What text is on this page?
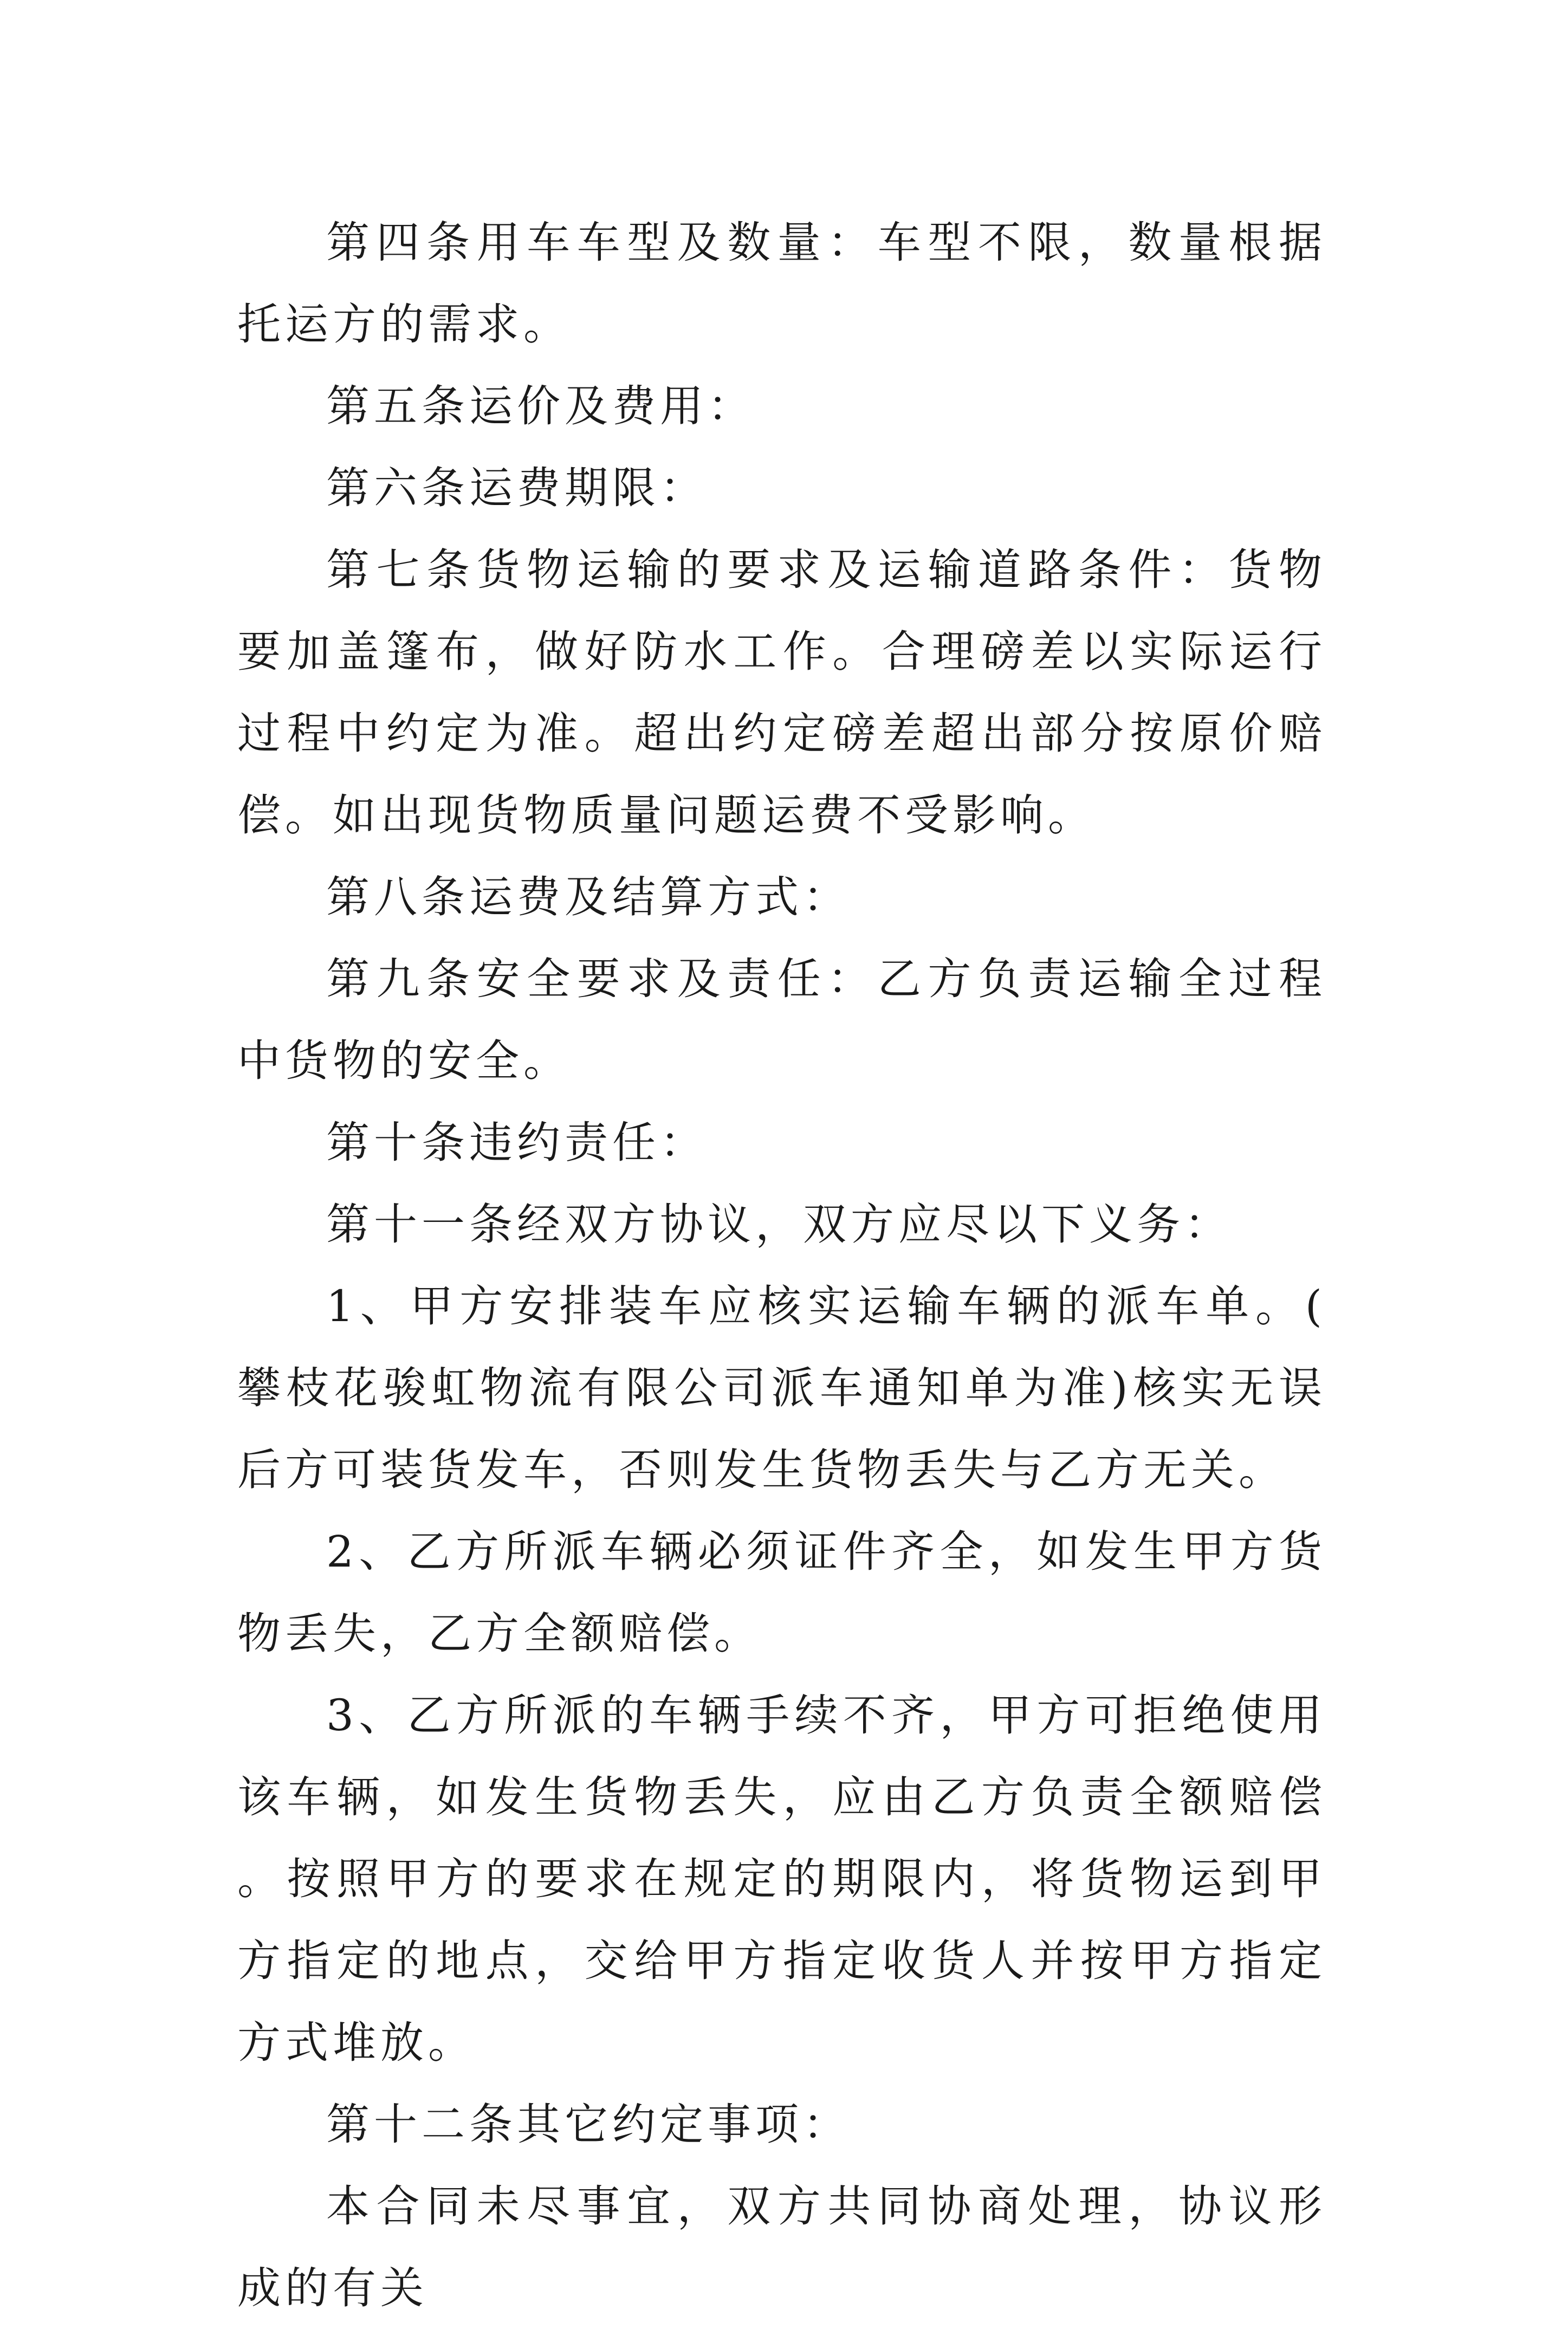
第四条用车车型及数量：车型不限，数量根据托运方的需求。

第五条运价及费用：

第六条运费期限：

第七条货物运输的要求及运输道路条件：货物要加盖篷布，做好防水工作。合理磅差以实际运行过程中约定为准。超出约定磅差超出部分按原价赔偿。如出现货物质量问题运费不受影响。

第八条运费及结算方式：

第九条安全要求及责任：乙方负责运输全过程中货物的安全。

第十条违约责任：

第十一条经双方协议，双方应尽以下义务：

1、甲方安排装车应核实运输车辆的派车单。(攀枝花骏虹物流有限公司派车通知单为准)核实无误后方可装货发车，否则发生货物丢失与乙方无关。

2、乙方所派车辆必须证件齐全，如发生甲方货物丢失，乙方全额赔偿。

3、乙方所派的车辆手续不齐，甲方可拒绝使用该车辆，如发生货物丢失，应由乙方负责全额赔偿。按照甲方的要求在规定的期限内，将货物运到甲方指定的地点，交给甲方指定收货人并按甲方指定方式堆放。

第十二条其它约定事项：

本合同未尽事宜，双方共同协商处理，协议形成的有关
